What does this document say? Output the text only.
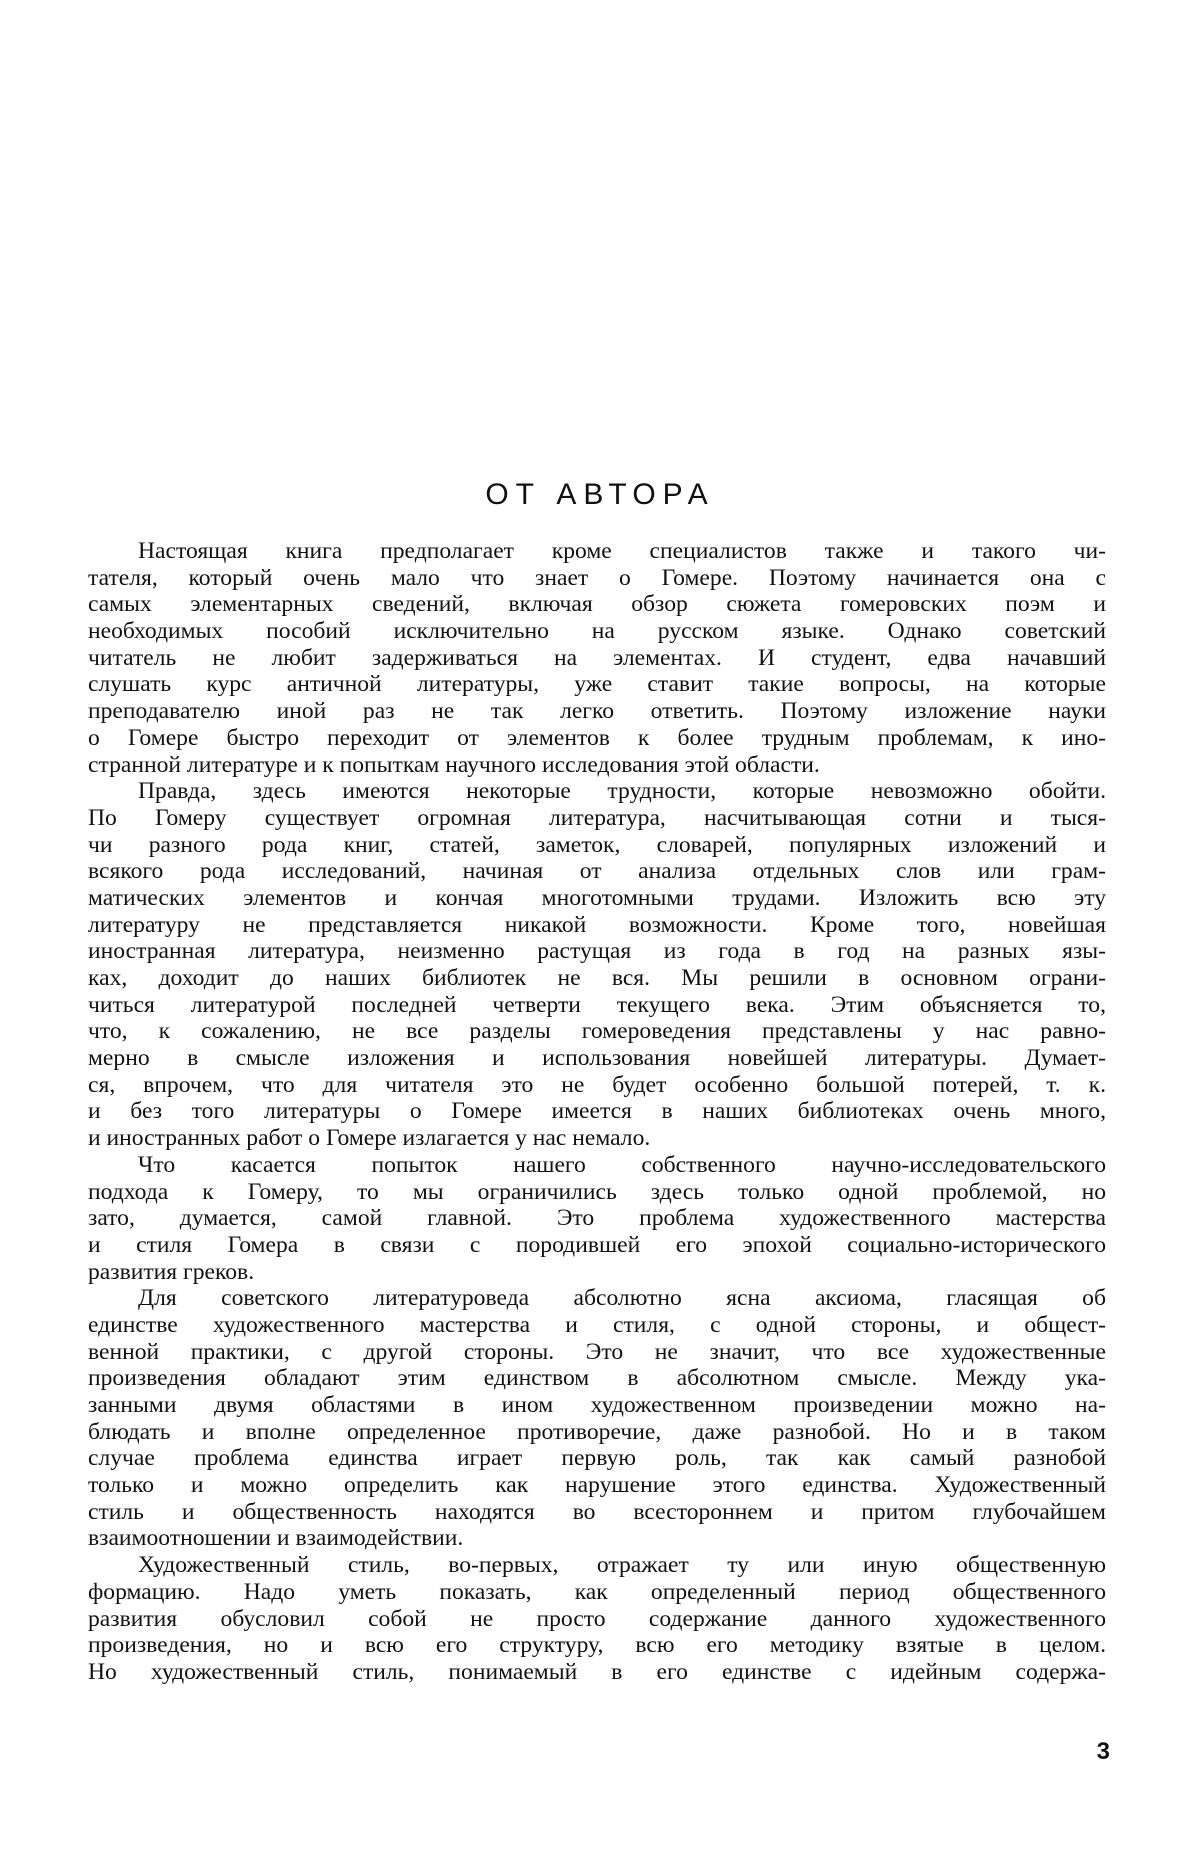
ОТ АВТОРА
Настоящая книга предполагает кроме специалистов также и такого чи-
тателя, который очень мало что знает о Гомере. Поэтому начинается она с
самых элементарных сведений, включая обзор сюжета гомеровских поэм и
необходимых пособий исключительно на русском языке. Однако советский
читатель не любит задерживаться на элементах. И студент, едва начавший
слушать курс античной литературы, уже ставит такие вопросы, на которые
преподавателю иной раз не так легко ответить. Поэтому изложение науки
о Гомере быстро переходит от элементов к более трудным проблемам, к ино-
странной литературе и к попыткам научного исследования этой области.
Правда, здесь имеются некоторые трудности, которые невозможно обойти.
По Гомеру существует огромная литература, насчитывающая сотни и тыся-
чи разного рода книг, статей, заметок, словарей, популярных изложений и
всякого рода исследований, начиная от анализа отдельных слов или грам-
матических элементов и кончая многотомными трудами. Изложить всю эту
литературу не представляется никакой возможности. Кроме того, новейшая
иностранная литература, неизменно растущая из года в год на разных язы-
ках, доходит до наших библиотек не вся. Мы решили в основном ограни-
читься литературой последней четверти текущего века. Этим объясняется то,
что, к сожалению, не все разделы гомероведения представлены у нас равно-
мерно в смысле изложения и использования новейшей литературы. Думает-
ся, впрочем, что для читателя это не будет особенно большой потерей, т. к.
и без того литературы о Гомере имеется в наших библиотеках очень много,
и иностранных работ о Гомере излагается у нас немало.
Что касается попыток нашего собственного научно-исследовательского
подхода к Гомеру, то мы ограничились здесь только одной проблемой, но
зато, думается, самой главной. Это проблема художественного мастерства
и стиля Гомера в связи с породившей его эпохой социально-исторического
развития греков.
Для советского литературоведа абсолютно ясна аксиома, гласящая об
единстве художественного мастерства и стиля, с одной стороны, и общест-
венной практики, с другой стороны. Это не значит, что все художественные
произведения обладают этим единством в абсолютном смысле. Между ука-
занными двумя областями в ином художественном произведении можно на-
блюдать и вполне определенное противоречие, даже разнобой. Но и в таком
случае проблема единства играет первую роль, так как самый разнобой
только и можно определить как нарушение этого единства. Художественный
стиль и общественность находятся во всестороннем и притом глубочайшем
взаимоотношении и взаимодействии.
Художественный стиль, во-первых, отражает ту или иную общественную
формацию. Надо уметь показать, как определенный период общественного
развития обусловил собой не просто содержание данного художественного
произведения, но и всю его структуру, всю его методику взятые в целом.
Но художественный стиль, понимаемый в его единстве с идейным содержа-
3
